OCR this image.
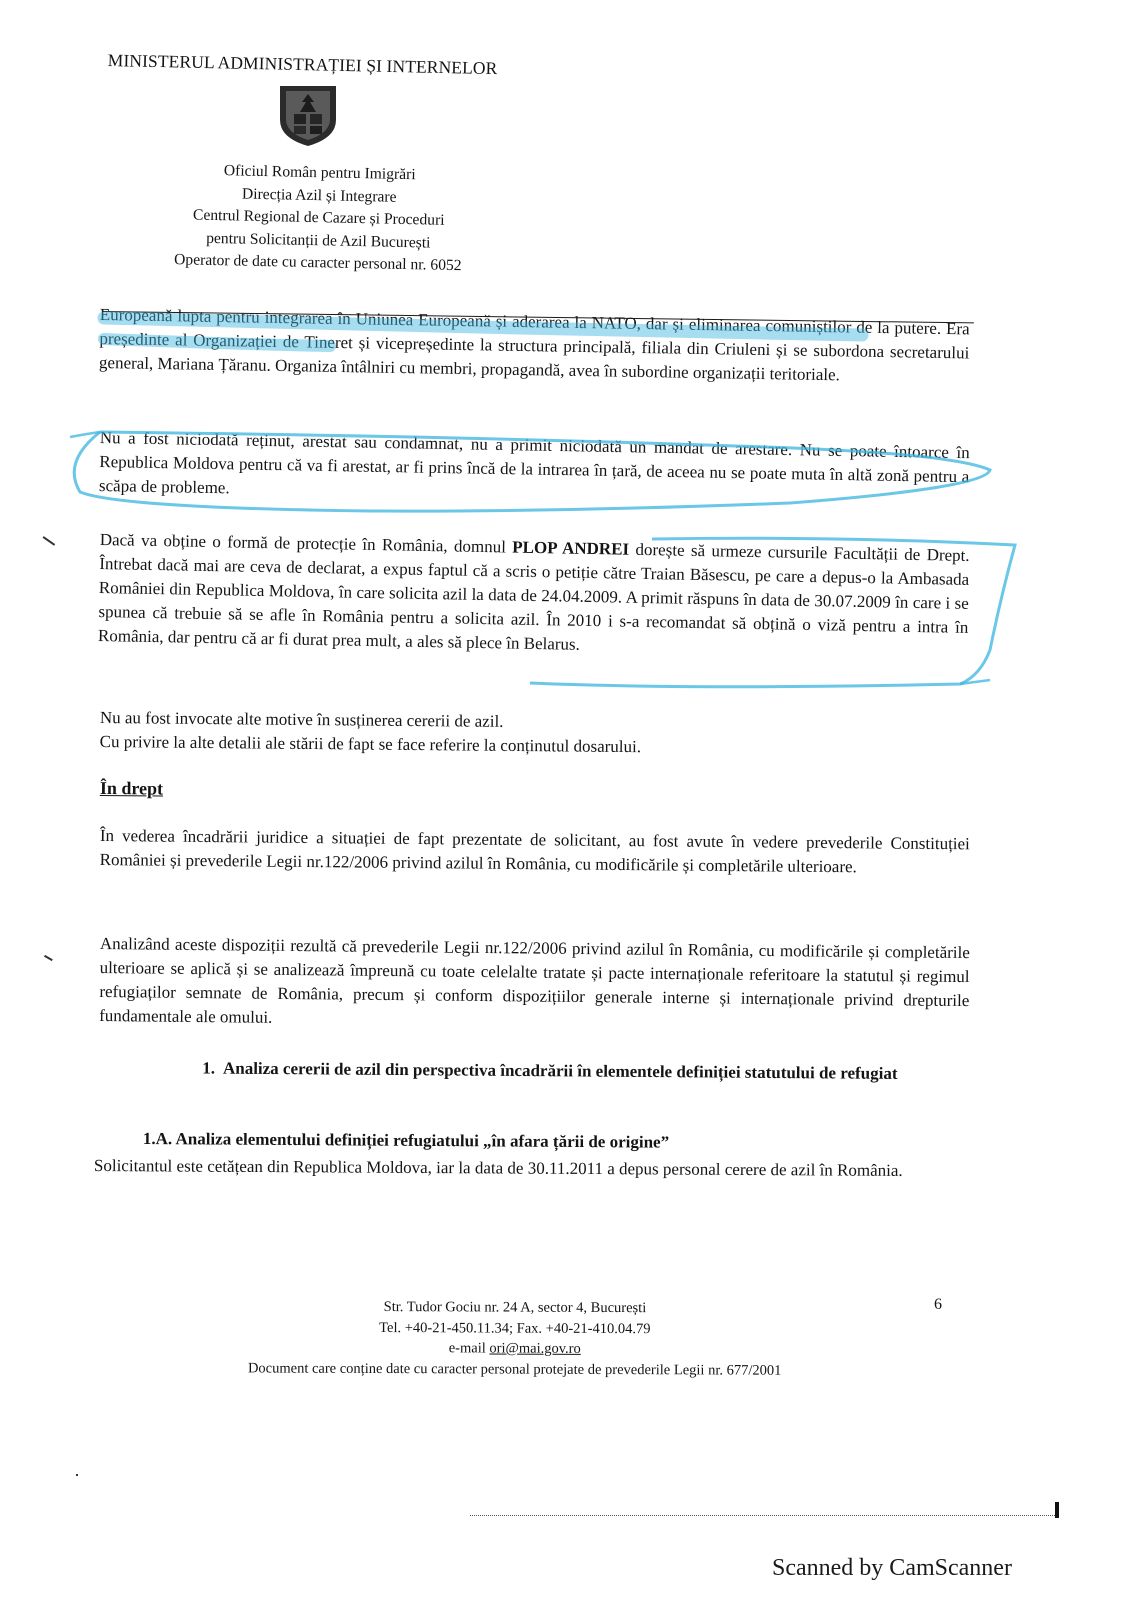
MINISTERUL ADMINISTRAȚIEI ȘI INTERNELOR
Oficiul Român pentru Imigrări
Direcția Azil și Integrare
Centrul Regional de Cazare și Proceduri
pentru Solicitanții de Azil București
Operator de date cu caracter personal nr. 6052

Europeană lupta pentru integrarea în Uniunea Europeană și aderarea la NATO, dar și eliminarea comuniștilor de la putere. Era președinte al Organizației de Tineret și vicepreședinte la structura principală, filiala din Criuleni și se subordona secretarului general, Mariana Țăranu. Organiza întâlniri cu membri, propagandă, avea în subordine organizații teritoriale.

Nu a fost niciodată reținut, arestat sau condamnat, nu a primit niciodată un mandat de arestare. Nu se poate întoarce în Republica Moldova pentru că va fi arestat, ar fi prins încă de la intrarea în țară, de aceea nu se poate muta în altă zonă pentru a scăpa de probleme.

Dacă va obține o formă de protecție în România, domnul PLOP ANDREI dorește să urmeze cursurile Facultății de Drept. Întrebat dacă mai are ceva de declarat, a expus faptul că a scris o petiție către Traian Băsescu, pe care a depus-o la Ambasada României din Republica Moldova, în care solicita azil la data de 24.04.2009. A primit răspuns în data de 30.07.2009 în care i se spunea că trebuie să se afle în România pentru a solicita azil. În 2010 i s-a recomandat să obțină o viză pentru a intra în România, dar pentru că ar fi durat prea mult, a ales să plece în Belarus.

Nu au fost invocate alte motive în susținerea cererii de azil.

Cu privire la alte detalii ale stării de fapt se face referire la conținutul dosarului.

În drept

În vederea încadrării juridice a situației de fapt prezentate de solicitant, au fost avute în vedere prevederile Constituției României și prevederile Legii nr.122/2006 privind azilul în România, cu modificările și completările ulterioare.

Analizând aceste dispoziții rezultă că prevederile Legii nr.122/2006 privind azilul în România, cu modificările și completările ulterioare se aplică și se analizează împreună cu toate celelalte tratate și pacte internaționale referitoare la statutul și regimul refugiaților semnate de România, precum și conform dispozițiilor generale interne și internaționale privind drepturile fundamentale ale omului.

1. Analiza cererii de azil din perspectiva încadrării în elementele definiției statutului de refugiat
1.A. Analiza elementului definiției refugiatului „în afara țării de origine”

Solicitantul este cetățean din Republica Moldova, iar la data de 30.11.2011 a depus personal cerere de azil în România.

Str. Tudor Gociu nr. 24 A, sector 4, București
Tel. +40-21-450.11.34; Fax. +40-21-410.04.79
e-mail ori@mai.gov.ro
Document care conține date cu caracter personal protejate de prevederile Legii nr. 677/2001
6
Scanned by CamScanner
